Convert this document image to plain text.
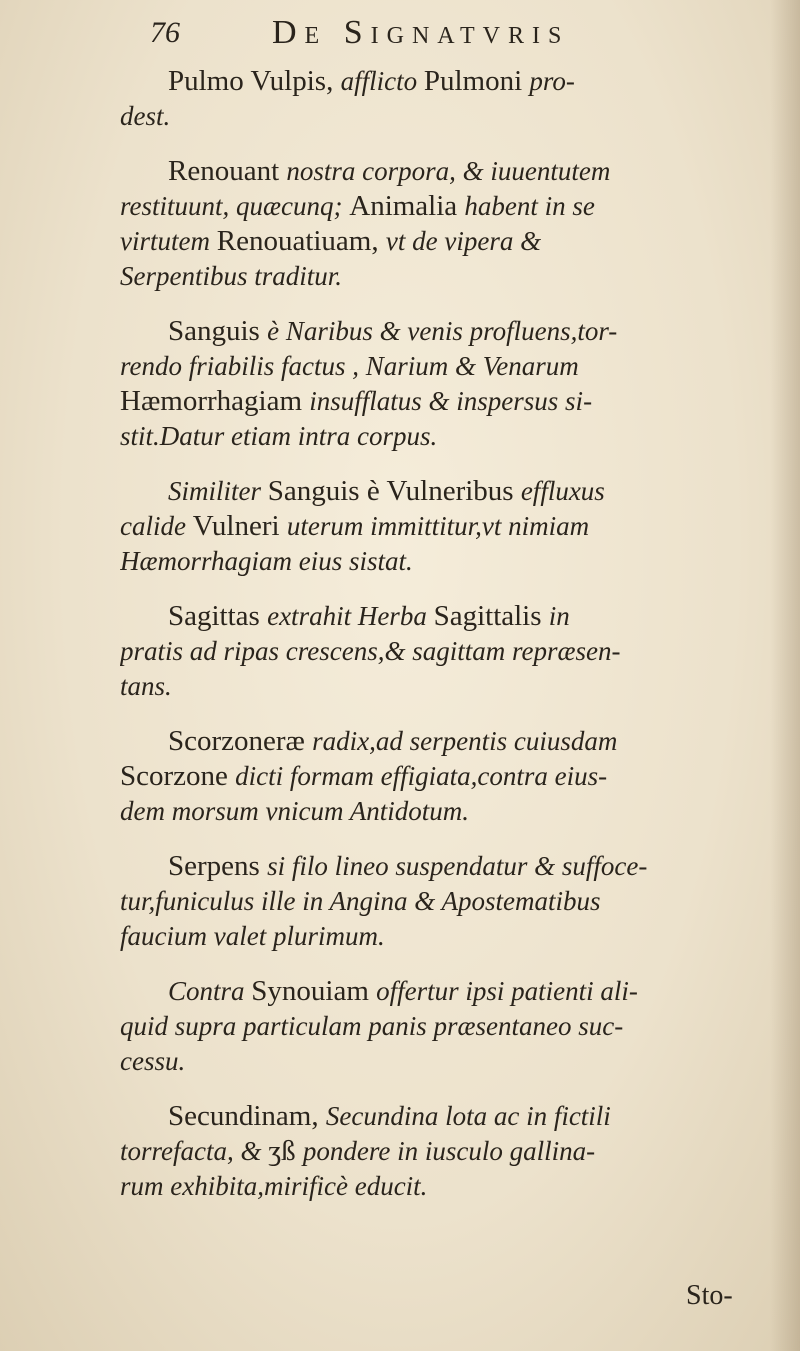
76	De Signatvris
Pulmo Vulpis, afflicto Pulmoni pro-
dest.
Renouant nostra corpora, & iuuentutem
restituunt, quæcunq; Animalia habent in se
virtutem Renouatiuam, vt de vipera &
Serpentibus traditur.
Sanguis è Naribus & venis profluens,tor-
rendo friabilis factus , Narium & Venarum
Hæmorrhagiam insufflatus & inspersus si-
stit.Datur etiam intra corpus.
Similiter Sanguis è Vulneribus effluxus
calide Vulneri uterum immittitur,vt nimiam
Hæmorrhagiam eius sistat.
Sagittas extrahit Herba Sagittalis in
pratis ad ripas crescens,& sagittam repræsen-
tans.
Scorzoneræ radix,ad serpentis cuiusdam
Scorzone dicti formam effigiata,contra eius-
dem morsum vnicum Antidotum.
Serpens si filo lineo suspendatur & suffoce-
tur,funiculus ille in Angina & Apostematibus
faucium valet plurimum.
Contra Synouiam offertur ipsi patienti ali-
quid supra particulam panis præsentaneo suc-
cessu.
Secundinam, Secundina lota ac in fictili
torrefacta, & ʒß pondere in iusculo gallina-
rum exhibita,mirificè educit.
Sto-
